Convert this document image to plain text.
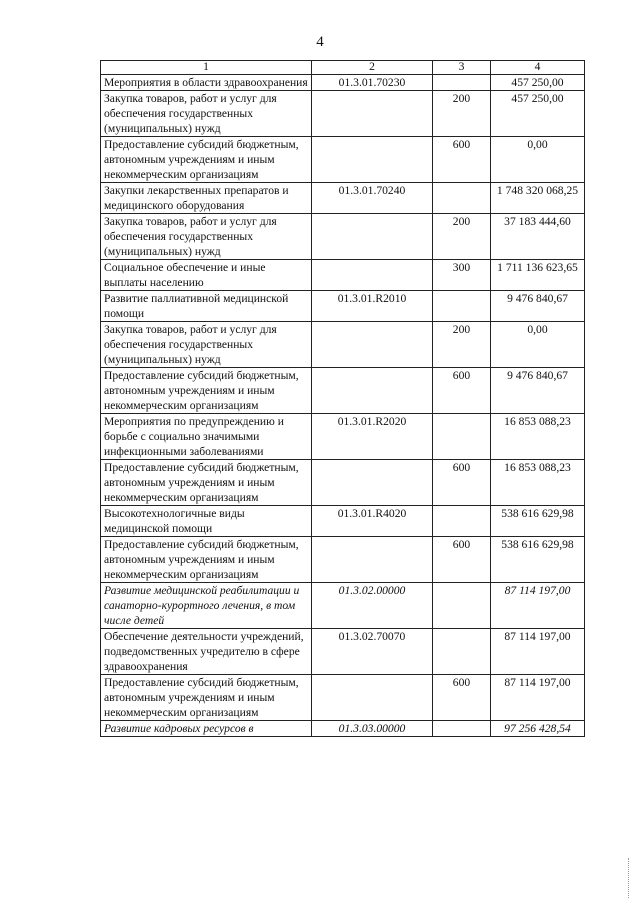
4
1	2	3	4
Мероприятия в области здравоохранения	01.3.01.70230		457 250,00
Закупка товаров, работ и услуг для обеспечения государственных (муниципальных) нужд		200	457 250,00
Предоставление субсидий бюджетным, автономным учреждениям и иным некоммерческим организациям		600	0,00
Закупки лекарственных препаратов и медицинского оборудования	01.3.01.70240		1 748 320 068,25
Закупка товаров, работ и услуг для обеспечения государственных (муниципальных) нужд		200	37 183 444,60
Социальное обеспечение и иные выплаты населению		300	1 711 136 623,65
Развитие паллиативной медицинской помощи	01.3.01.R2010		9 476 840,67
Закупка товаров, работ и услуг для обеспечения государственных (муниципальных) нужд		200	0,00
Предоставление субсидий бюджетным, автономным учреждениям и иным некоммерческим организациям		600	9 476 840,67
Мероприятия по предупреждению и борьбе с социально значимыми инфекционными заболеваниями	01.3.01.R2020		16 853 088,23
Предоставление субсидий бюджетным, автономным учреждениям и иным некоммерческим организациям		600	16 853 088,23
Высокотехнологичные виды медицинской помощи	01.3.01.R4020		538 616 629,98
Предоставление субсидий бюджетным, автономным учреждениям и иным некоммерческим организациям		600	538 616 629,98
Развитие медицинской реабилитации и санаторно-курортного лечения, в том числе детей	01.3.02.00000		87 114 197,00
Обеспечение деятельности учреждений, подведомственных учредителю в сфере здравоохранения	01.3.02.70070		87 114 197,00
Предоставление субсидий бюджетным, автономным учреждениям и иным некоммерческим организациям		600	87 114 197,00
Развитие кадровых ресурсов в	01.3.03.00000		97 256 428,54
